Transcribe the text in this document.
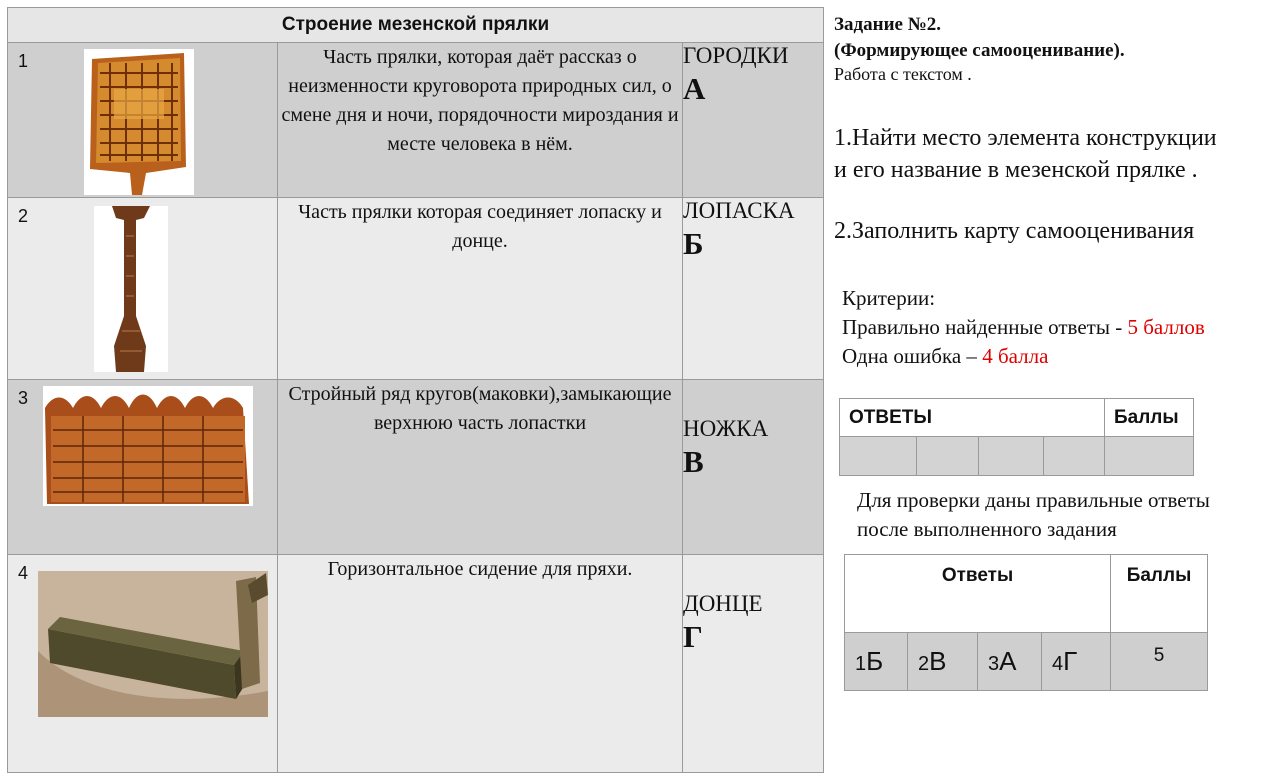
Строение мезенской прялки		

1	Часть прялки, которая даёт рассказ о неизменности круговорота природных сил, о смене дня и ночи, порядочности мироздания и месте человека в нём.	ГОРОДКИ
А

2	Часть прялки которая соединяет лопаску и донце.	ЛОПАСКА
Б

3	Стройный ряд кругов(маковки),замыкающие верхнюю часть лопастки	НОЖКА
В

4	Горизонтальное сидение для пряхи.	ДОНЦЕ
Г
Задание №2.
(Формирующее самооценивание).
Работа с текстом .
1.Найти место элемента конструкции
и его название в мезенской прялке .
2.Заполнить карту самооценивания
Критерии:
Правильно найденные ответы - 5 баллов
Одна ошибка – 4 балла
ОТВЕТЫ				Баллы

Для проверки даны правильные ответы
после выполненного задания
Ответы				Баллы
1Б	2В	3А	4Г	5
